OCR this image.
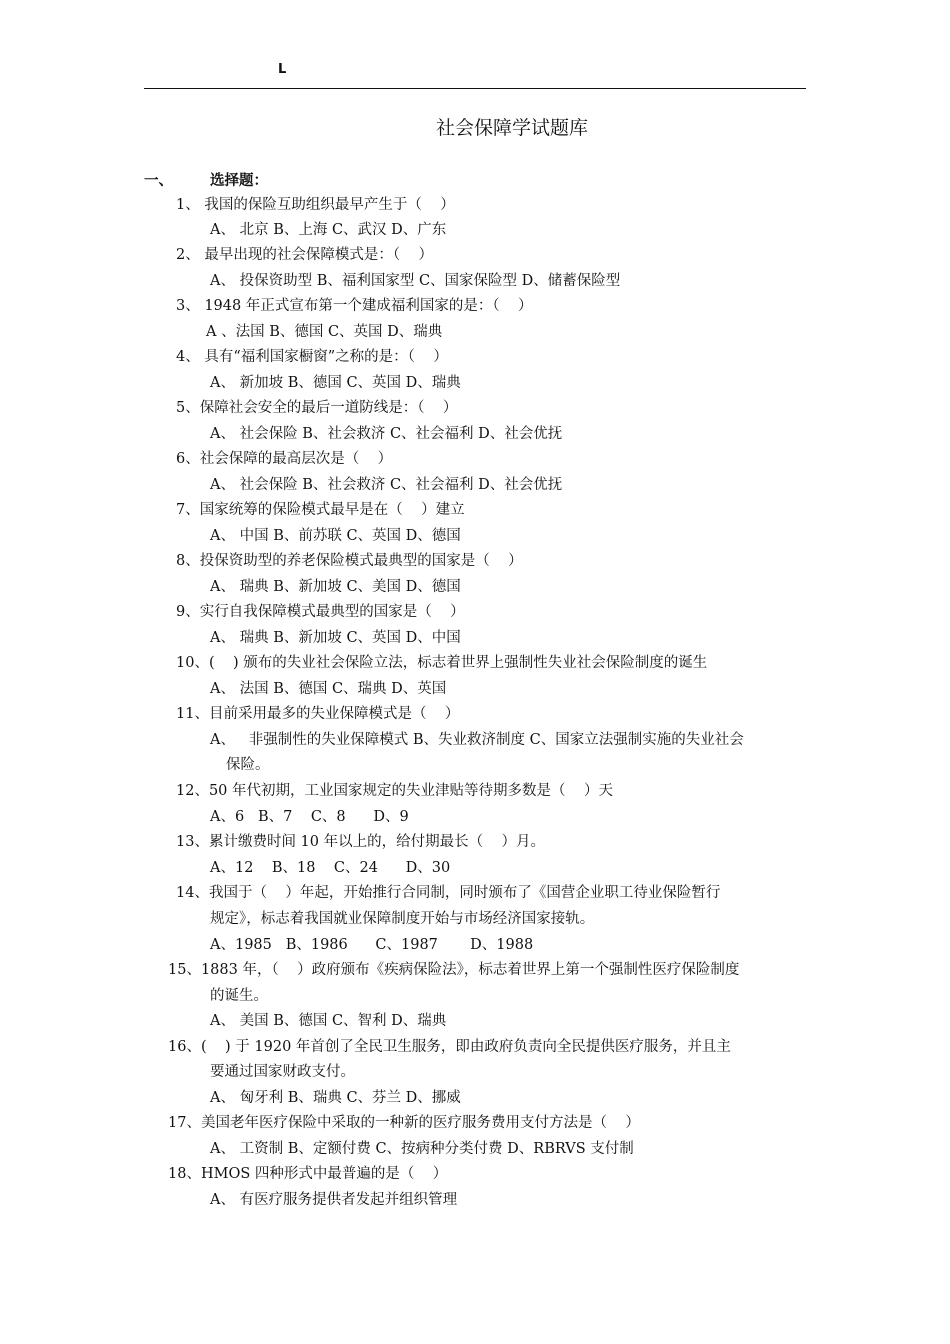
L
社会保障学试题库
一、	选择题：
1、 我国的保险互助组织最早产生于（    ）
A、 北京 B、上海 C、武汉 D、广东
2、 最早出现的社会保障模式是：（    ）
A、 投保资助型 B、福利国家型 C、国家保险型 D、储蓄保险型
3、 1948 年正式宣布第一个建成福利国家的是：（    ）
A 、法国 B、德国 C、英国 D、瑞典
4、 具有“福利国家橱窗”之称的是：（    ）
A、 新加坡 B、德国 C、英国 D、瑞典
5、保障社会安全的最后一道防线是：（    ）
A、 社会保险 B、社会救济 C、社会福利 D、社会优抚
6、社会保障的最高层次是（    ）
A、 社会保险 B、社会救济 C、社会福利 D、社会优抚
7、国家统筹的保险模式最早是在（    ）建立
A、 中国 B、前苏联 C、英国 D、德国
8、投保资助型的养老保险模式最典型的国家是（    ）
A、 瑞典 B、新加坡 C、美国 D、德国
9、实行自我保障模式最典型的国家是（    ）
A、 瑞典 B、新加坡 C、英国 D、中国
10、(    ) 颁布的失业社会保险立法，标志着世界上强制性失业社会保险制度的诞生
A、 法国 B、德国 C、瑞典 D、英国
11、目前采用最多的失业保障模式是（    ）
A、   非强制性的失业保障模式 B、失业救济制度 C、国家立法强制实施的失业社会
保险。
12、50 年代初期，工业国家规定的失业津贴等待期多数是（    ）天
A、6   B、7    C、8      D、9
13、累计缴费时间 10 年以上的，给付期最长（    ）月。
A、12    B、18    C、24      D、30
14、我国于（    ）年起，开始推行合同制，同时颁布了《国营企业职工待业保险暂行
规定》，标志着我国就业保障制度开始与市场经济国家接轨。
A、1985   B、1986      C、1987       D、1988
15、1883 年，（    ）政府颁布《疾病保险法》，标志着世界上第一个强制性医疗保险制度
的诞生。
A、 美国 B、德国 C、智利 D、瑞典
16、(    ) 于 1920 年首创了全民卫生服务，即由政府负责向全民提供医疗服务，并且主
要通过国家财政支付。
A、 匈牙利 B、瑞典 C、芬兰 D、挪威
17、美国老年医疗保险中采取的一种新的医疗服务费用支付方法是（    ）
A、 工资制 B、定额付费 C、按病种分类付费 D、RBRVS 支付制
18、HMOS 四种形式中最普遍的是（    ）
A、 有医疗服务提供者发起并组织管理
